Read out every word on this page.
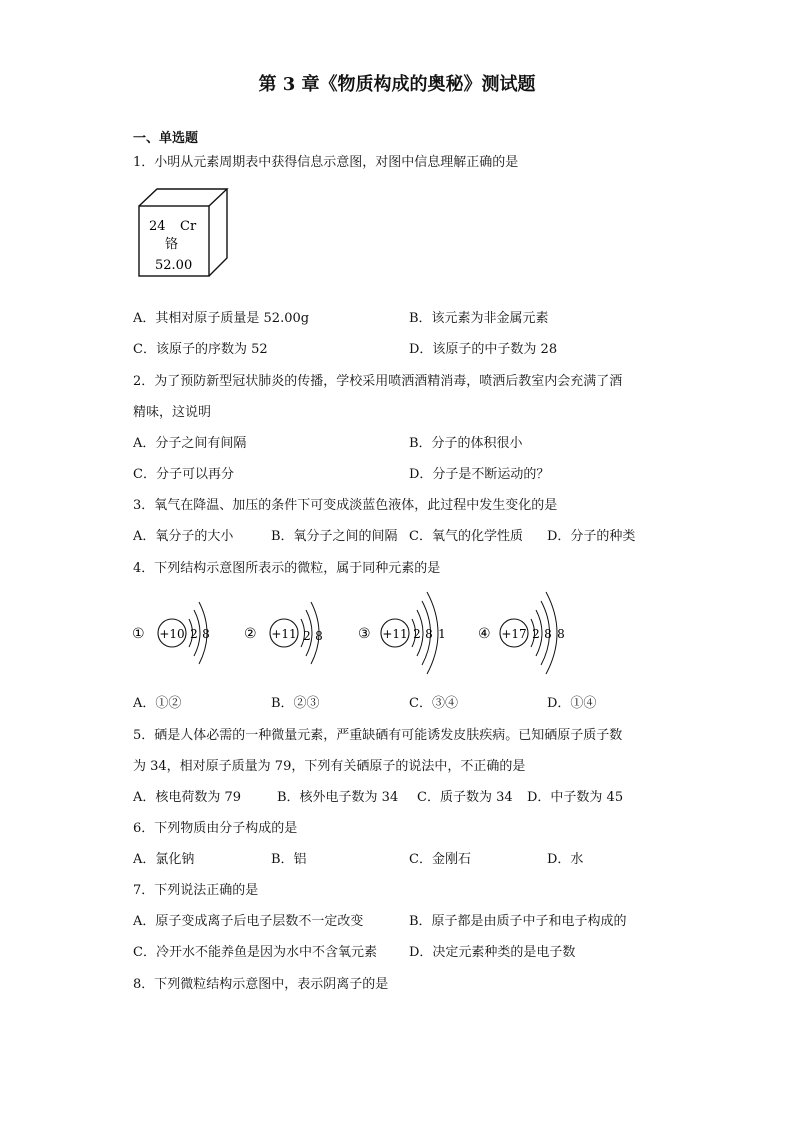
第 3 章《物质构成的奥秘》测试题
一、单选题
1．小明从元素周期表中获得信息示意图，对图中信息理解正确的是
24 Cr
铬
52.00
A．其相对原子质量是 52.00g	B．该元素为非金属元素
C．该原子的序数为 52	D．该原子的中子数为 28
2．为了预防新型冠状肺炎的传播，学校采用喷洒酒精消毒，喷洒后教室内会充满了酒
精味，这说明
A．分子之间有间隔	B．分子的体积很小
C．分子可以再分	D．分子是不断运动的？
3．氧气在降温、加压的条件下可变成淡蓝色液体，此过程中发生变化的是
A．氧分子的大小	B．氧分子之间的间隔 C．氧气的化学性质 D．分子的种类
4．下列结构示意图所表示的微粒，属于同种元素的是
① +10 2 8 ② +11 2 8	③ +11 2 8 1 ④ +17 2 8 8
A．①②	B．②③	C．③④	D．①④
5．硒是人体必需的一种微量元素，严重缺硒有可能诱发皮肤疾病。已知硒原子质子数
为 34，相对原子质量为 79，下列有关硒原子的说法中，不正确的是
A．核电荷数为 79	B．核外电子数为 34 C．质子数为 34 D．中子数为 45
6．下列物质由分子构成的是
A．氯化钠	B．铝	C．金刚石	D．水
7．下列说法正确的是
A．原子变成离子后电子层数不一定改变	B．原子都是由质子中子和电子构成的
C．冷开水不能养鱼是因为水中不含氧元素 D．决定元素种类的是电子数
8．下列微粒结构示意图中，表示阴离子的是
